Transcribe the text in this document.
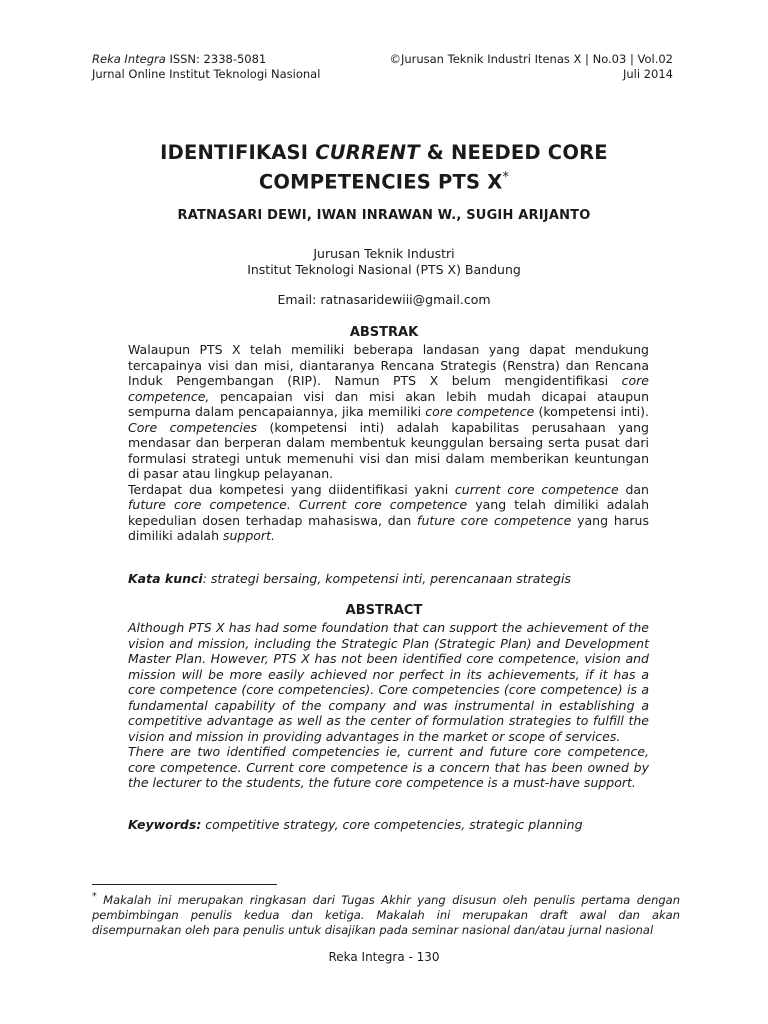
Reka Integra ISSN: 2338-5081
Jurnal Online Institut Teknologi Nasional
©Jurusan Teknik Industri Itenas X | No.03 | Vol.02
Juli 2014
IDENTIFIKASI CURRENT & NEEDED CORE
COMPETENCIES PTS X*
RATNASARI DEWI, IWAN INRAWAN W., SUGIH ARIJANTO
Jurusan Teknik Industri
Institut Teknologi Nasional (PTS X) Bandung
Email: ratnasaridewiii@gmail.com
ABSTRAK

Walaupun PTS X telah memiliki beberapa landasan yang dapat mendukung tercapainya visi dan misi, diantaranya Rencana Strategis (Renstra) dan Rencana Induk Pengembangan (RIP). Namun PTS X belum mengidentifikasi core competence, pencapaian visi dan misi akan lebih mudah dicapai ataupun sempurna dalam pencapaiannya, jika memiliki core competence (kompetensi inti). Core competencies (kompetensi inti) adalah kapabilitas perusahaan yang mendasar dan berperan dalam membentuk keunggulan bersaing serta pusat dari formulasi strategi untuk memenuhi visi dan misi dalam memberikan keuntungan di pasar atau lingkup pelayanan.

Terdapat dua kompetesi yang diidentifikasi yakni current core competence dan future core competence. Current core competence yang telah dimiliki adalah kepedulian dosen terhadap mahasiswa, dan future core competence yang harus dimiliki adalah support.

Kata kunci: strategi bersaing, kompetensi inti, perencanaan strategis
ABSTRACT

Although PTS X has had some foundation that can support the achievement of the vision and mission, including the Strategic Plan (Strategic Plan) and Development Master Plan. However, PTS X has not been identified core competence, vision and mission will be more easily achieved nor perfect in its achievements, if it has a core competence (core competencies). Core competencies (core competence) is a fundamental capability of the company and was instrumental in establishing a competitive advantage as well as the center of formulation strategies to fulfill the vision and mission in providing advantages in the market or scope of services.

There are two identified competencies ie, current and future core competence, core competence. Current core competence is a concern that has been owned by the lecturer to the students, the future core competence is a must-have support.

Keywords: competitive strategy, core competencies, strategic planning
* Makalah ini merupakan ringkasan dari Tugas Akhir yang disusun oleh penulis pertama dengan pembimbingan penulis kedua dan ketiga. Makalah ini merupakan draft awal dan akan disempurnakan oleh para penulis untuk disajikan pada seminar nasional dan/atau jurnal nasional
Reka Integra - 130
